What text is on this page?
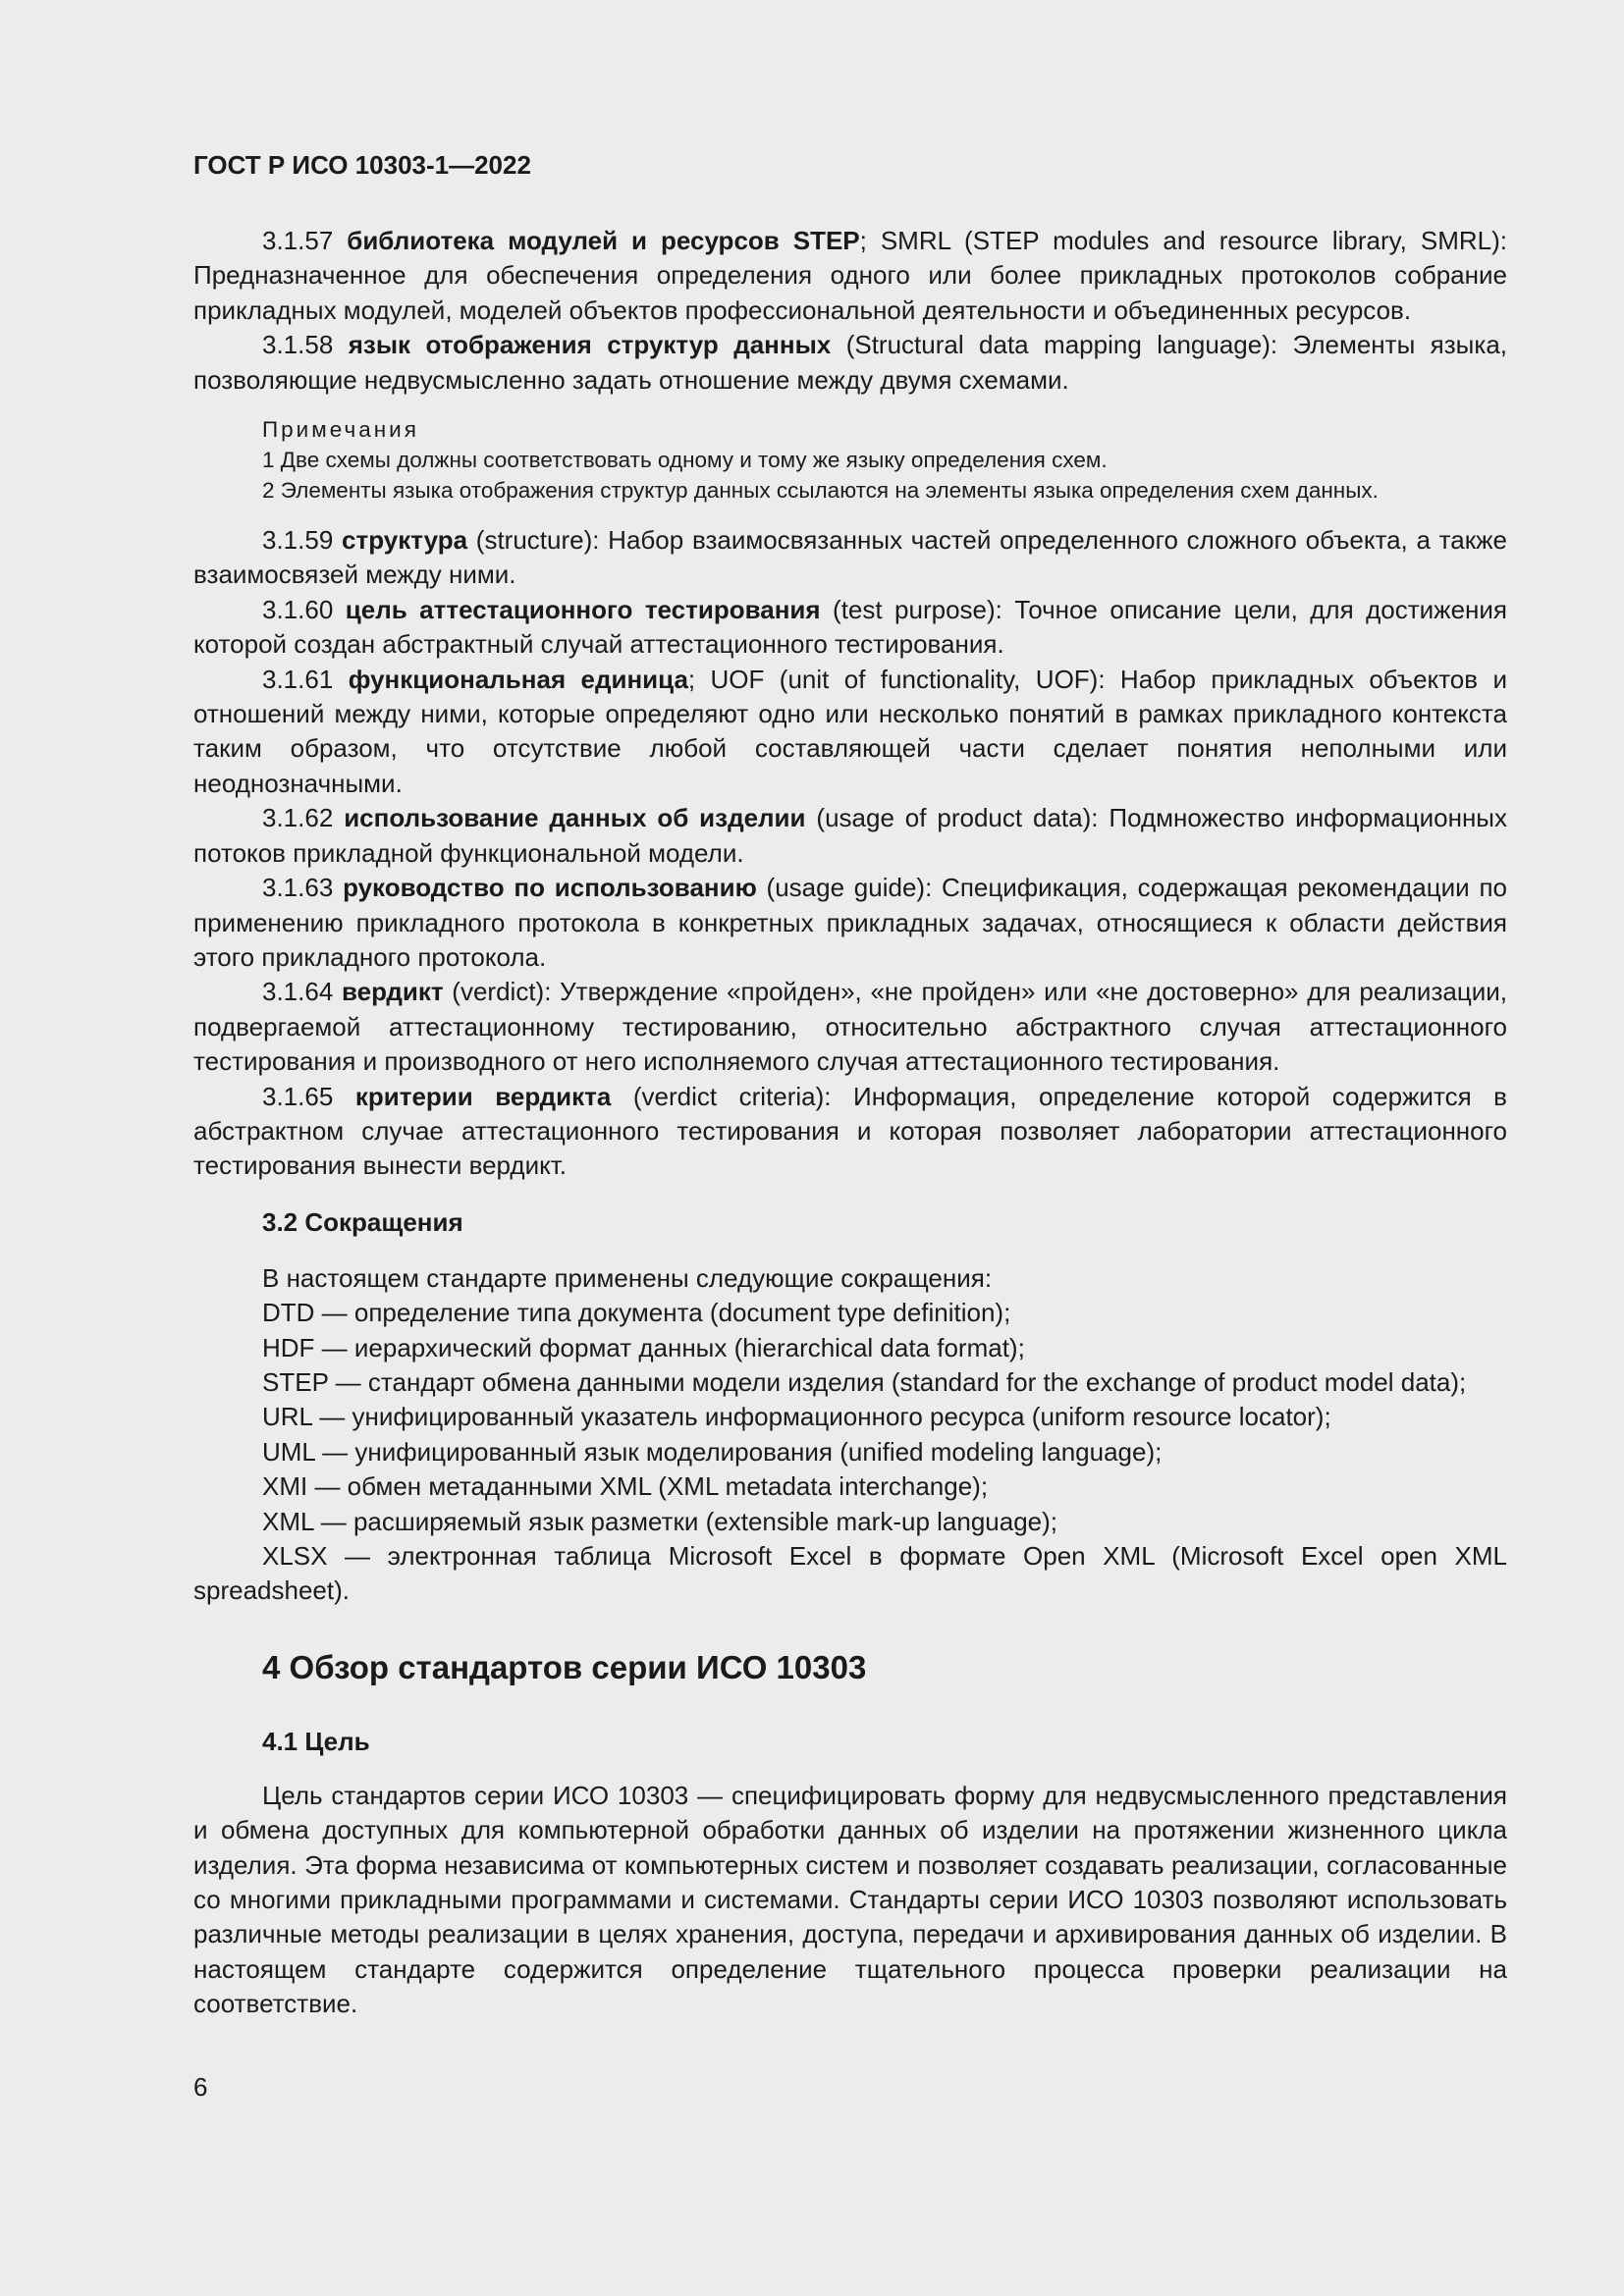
ГОСТ Р ИСО 10303-1—2022

3.1.57 библиотека модулей и ресурсов STEP; SMRL (STEP modules and resource library, SMRL): Предназначенное для обеспечения определения одного или более прикладных протоколов собрание прикладных модулей, моделей объектов профессиональной деятельности и объединенных ресурсов.

3.1.58 язык отображения структур данных (Structural data mapping language): Элементы языка, позволяющие недвусмысленно задать отношение между двумя схемами.

Примечания
1 Две схемы должны соответствовать одному и тому же языку определения схем.
2 Элементы языка отображения структур данных ссылаются на элементы языка определения схем данных.

3.1.59 структура (structure): Набор взаимосвязанных частей определенного сложного объекта, а также взаимосвязей между ними.

3.1.60 цель аттестационного тестирования (test purpose): Точное описание цели, для достижения которой создан абстрактный случай аттестационного тестирования.

3.1.61 функциональная единица; UOF (unit of functionality, UOF): Набор прикладных объектов и отношений между ними, которые определяют одно или несколько понятий в рамках прикладного контекста таким образом, что отсутствие любой составляющей части сделает понятия неполными или неоднозначными.

3.1.62 использование данных об изделии (usage of product data): Подмножество информационных потоков прикладной функциональной модели.

3.1.63 руководство по использованию (usage guide): Спецификация, содержащая рекомендации по применению прикладного протокола в конкретных прикладных задачах, относящиеся к области действия этого прикладного протокола.

3.1.64 вердикт (verdict): Утверждение «пройден», «не пройден» или «не достоверно» для реализации, подвергаемой аттестационному тестированию, относительно абстрактного случая аттестационного тестирования и производного от него исполняемого случая аттестационного тестирования.

3.1.65 критерии вердикта (verdict criteria): Информация, определение которой содержится в абстрактном случае аттестационного тестирования и которая позволяет лаборатории аттестационного тестирования вынести вердикт.

3.2 Сокращения

В настоящем стандарте применены следующие сокращения:

DTD — определение типа документа (document type definition);

HDF — иерархический формат данных (hierarchical data format);

STEP — стандарт обмена данными модели изделия (standard for the exchange of product model data);

URL — унифицированный указатель информационного ресурса (uniform resource locator);

UML — унифицированный язык моделирования (unified modeling language);

XMI — обмен метаданными XML (XML metadata interchange);

XML — расширяемый язык разметки (extensible mark-up language);

XLSX — электронная таблица Microsoft Excel в формате Open XML (Microsoft Excel open XML spreadsheet).

4 Обзор стандартов серии ИСО 10303
4.1 Цель

Цель стандартов серии ИСО 10303 — специфицировать форму для недвусмысленного представления и обмена доступных для компьютерной обработки данных об изделии на протяжении жизненного цикла изделия. Эта форма независима от компьютерных систем и позволяет создавать реализации, согласованные со многими прикладными программами и системами. Стандарты серии ИСО 10303 позволяют использовать различные методы реализации в целях хранения, доступа, передачи и архивирования данных об изделии. В настоящем стандарте содержится определение тщательного процесса проверки реализации на соответствие.

6
